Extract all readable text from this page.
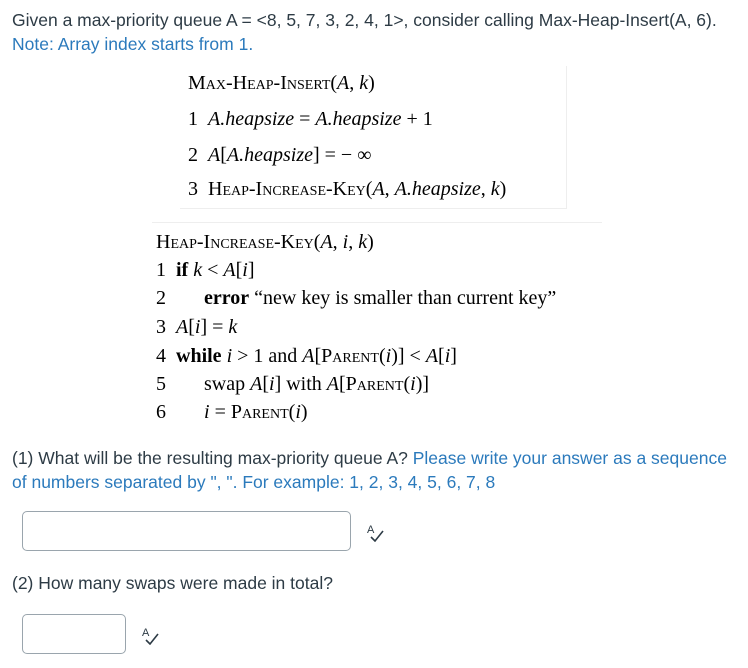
Given a max-priority queue A = <8, 5, 7, 3, 2, 4, 1>, consider calling Max-Heap-Insert(A, 6). Note: Array index starts from 1.
Max-Heap-Insert(A, k)
1  A.heapsize = A.heapsize + 1
2  A[A.heapsize] = − ∞
3  Heap-Increase-Key(A, A.heapsize, k)
Heap-Increase-Key(A, i, k)
1  if k < A[i]
2 error “new key is smaller than current key”
3  A[i] = k
4  while i > 1 and A[Parent(i)] < A[i]
5 swap A[i] with A[Parent(i)]
6 i = Parent(i)
(1) What will be the resulting max-priority queue A? Please write your answer as a sequence of numbers separated by ", ". For example: 1, 2, 3, 4, 5, 6, 7, 8
A
(2) How many swaps were made in total?
A
